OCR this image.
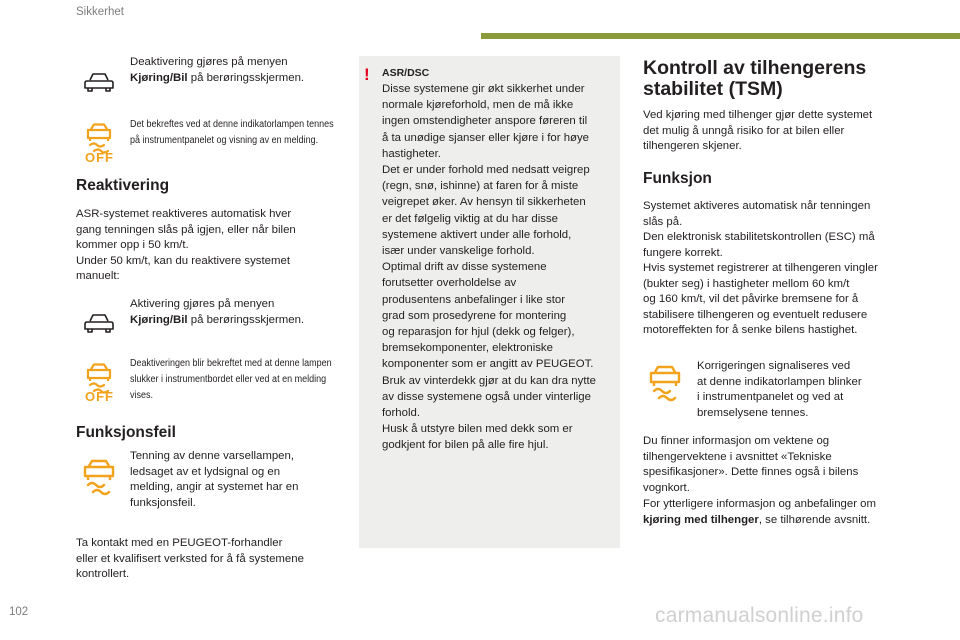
Sikkerhet
102	carmanualsonline.info
Deaktivering gjøres på menyen
Kjøring/Bil på berøringsskjermen.
OFF
Det bekreftes ved at denne indikatorlampen tennes på instrumentpanelet og visning av en melding.
Reaktivering
ASR-systemet reaktiveres automatisk hver
gang tenningen slås på igjen, eller når bilen
kommer opp i 50 km/t.
Under 50 km/t, kan du reaktivere systemet
manuelt:
Aktivering gjøres på menyen
Kjøring/Bil på berøringsskjermen.
OFF
Deaktiveringen blir bekreftet med at denne lampen slukker i instrumentbordet eller ved at en melding vises.
Funksjonsfeil
Tenning av denne varsellampen,
ledsaget av et lydsignal og en
melding, angir at systemet har en
funksjonsfeil.
Ta kontakt med en PEUGEOT-forhandler
eller et kvalifisert verksted for å få systemene
kontrollert.
! ASR/DSC
Disse systemene gir økt sikkerhet under
normale kjøreforhold, men de må ikke
ingen omstendigheter anspore føreren til
å ta unødige sjanser eller kjøre i for høye
hastigheter.
Det er under forhold med nedsatt veigrep
(regn, snø, ishinne) at faren for å miste
veigrepet øker. Av hensyn til sikkerheten
er det følgelig viktig at du har disse
systemene aktivert under alle forhold,
især under vanskelige forhold.
Optimal drift av disse systemene
forutsetter overholdelse av
produsentens anbefalinger i like stor
grad som prosedyrene for montering
og reparasjon for hjul (dekk og felger),
bremsekomponenter, elektroniske
komponenter som er angitt av PEUGEOT.
Bruk av vinterdekk gjør at du kan dra nytte
av disse systemene også under vinterlige
forhold.
Husk å utstyre bilen med dekk som er
godkjent for bilen på alle fire hjul.
Kontroll av tilhengerens
stabilitet (TSM)
Ved kjøring med tilhenger gjør dette systemet
det mulig å unngå risiko for at bilen eller
tilhengeren skjener.
Funksjon
Systemet aktiveres automatisk når tenningen
slås på.
Den elektronisk stabilitetskontrollen (ESC) må
fungere korrekt.
Hvis systemet registrerer at tilhengeren vingler
(bukter seg) i hastigheter mellom 60 km/t
og 160 km/t, vil det påvirke bremsene for å
stabilisere tilhengeren og eventuelt redusere
motoreffekten for å senke bilens hastighet.
Korrigeringen signaliseres ved
at denne indikatorlampen blinker
i instrumentpanelet og ved at
bremselysene tennes.
Du finner informasjon om vektene og
tilhengervektene i avsnittet «Tekniske
spesifikasjoner». Dette finnes også i bilens
vognkort.
For ytterligere informasjon og anbefalinger om
kjøring med tilhenger, se tilhørende avsnitt.
